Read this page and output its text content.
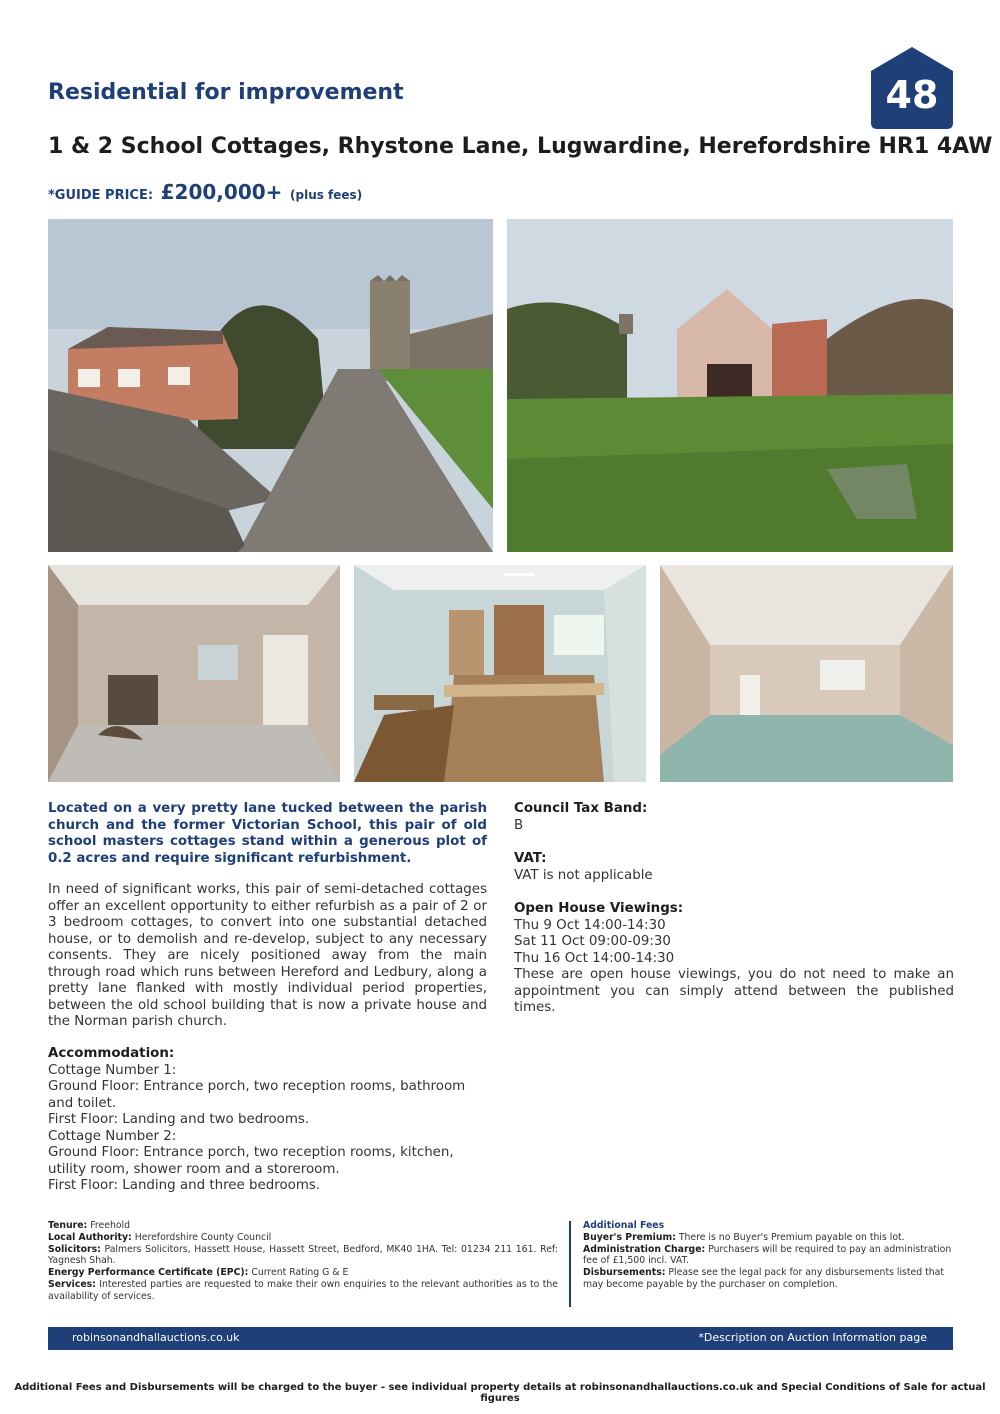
Residential for improvement	48
1 & 2 School Cottages, Rhystone Lane, Lugwardine, Herefordshire HR1 4AW
*GUIDE PRICE: £200,000+ (plus fees)
Located on a very pretty lane tucked between the parish church and the former Victorian School, this pair of old school masters cottages stand within a generous plot of 0.2 acres and require significant refurbishment.
In need of significant works, this pair of semi-detached cottages offer an excellent opportunity to either refurbish as a pair of 2 or 3 bedroom cottages, to convert into one substantial detached house, or to demolish and re-develop, subject to any necessary consents. They are nicely positioned away from the main through road which runs between Hereford and Ledbury, along a pretty lane flanked with mostly individual period properties, between the old school building that is now a private house and the Norman parish church.
Accommodation:
Cottage Number 1:
Ground Floor: Entrance porch, two reception rooms, bathroom and toilet.
First Floor: Landing and two bedrooms.
Cottage Number 2:
Ground Floor: Entrance porch, two reception rooms, kitchen, utility room, shower room and a storeroom.
First Floor: Landing and three bedrooms.
Council Tax Band:
B
VAT:
VAT is not applicable
Open House Viewings:
Thu 9 Oct 14:00-14:30
Sat 11 Oct 09:00-09:30
Thu 16 Oct 14:00-14:30
These are open house viewings, you do not need to make an appointment you can simply attend between the published times.
Tenure: Freehold
Local Authority: Herefordshire County Council
Solicitors: Palmers Solicitors, Hassett House, Hassett Street, Bedford, MK40 1HA. Tel: 01234 211 161. Ref: Yagnesh Shah.
Energy Performance Certificate (EPC): Current Rating G & E
Services: Interested parties are requested to make their own enquiries to the relevant authorities as to the availability of services.
Additional Fees
Buyer's Premium: There is no Buyer's Premium payable on this lot.
Administration Charge: Purchasers will be required to pay an administration fee of £1,500 incl. VAT.
Disbursements: Please see the legal pack for any disbursements listed that may become payable by the purchaser on completion.
robinsonandhallauctions.co.uk	*Description on Auction Information page
Additional Fees and Disbursements will be charged to the buyer - see individual property details at robinsonandhallauctions.co.uk and Special Conditions of Sale for actual figures
